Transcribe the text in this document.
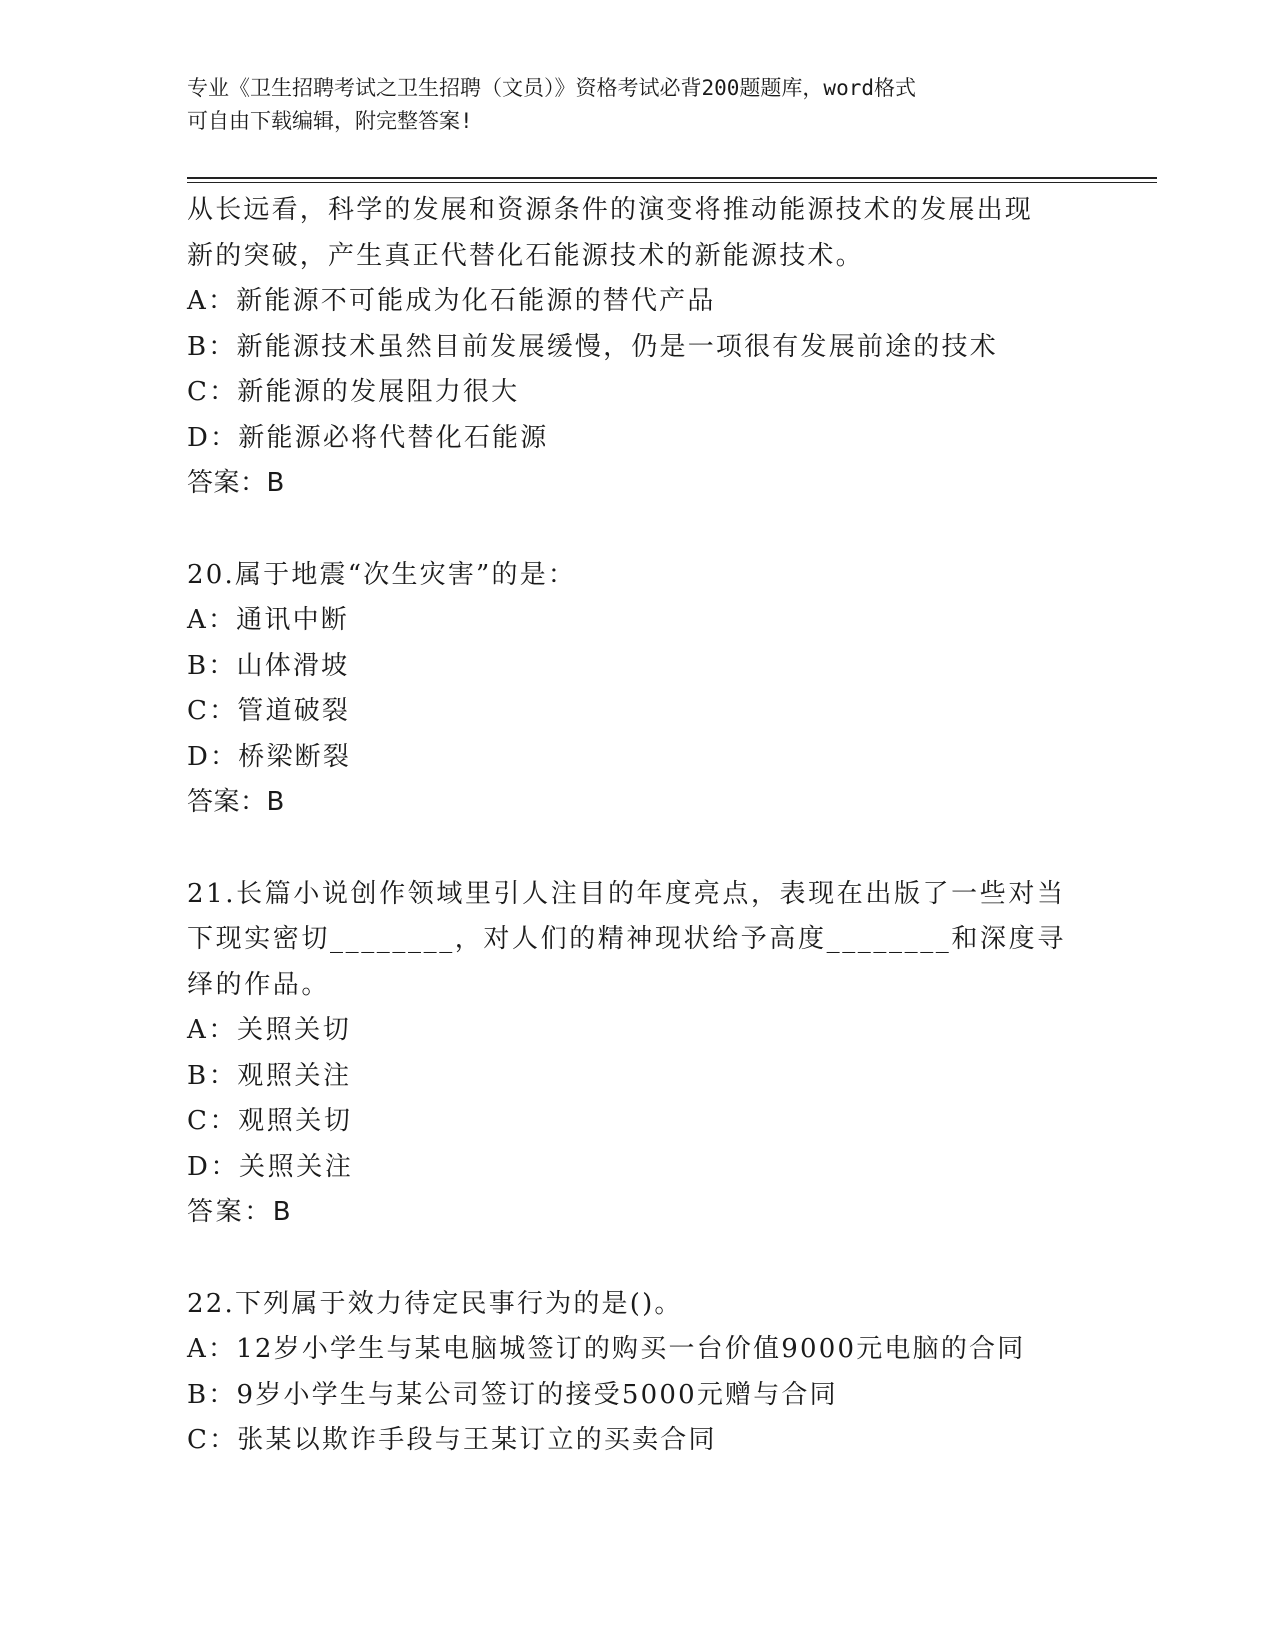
专业《卫生招聘考试之卫生招聘（文员）》资格考试必背200题题库，word格式
可自由下载编辑，附完整答案!
从长远看，科学的发展和资源条件的演变将推动能源技术的发展出现
新的突破，产生真正代替化石能源技术的新能源技术。
A：新能源不可能成为化石能源的替代产品
B：新能源技术虽然目前发展缓慢，仍是一项很有发展前途的技术
C：新能源的发展阻力很大
D：新能源必将代替化石能源
答案：B
20.属于地震“次生灾害”的是：
A：通讯中断
B：山体滑坡
C：管道破裂
D：桥梁断裂
答案：B
21.长篇小说创作领域里引人注目的年度亮点，表现在出版了一些对当
下现实密切________，对人们的精神现状给予高度________和深度寻
绎的作品。
A：关照关切
B：观照关注
C：观照关切
D：关照关注
答案：B
22.下列属于效力待定民事行为的是()。
A：12岁小学生与某电脑城签订的购买一台价值9000元电脑的合同
B：9岁小学生与某公司签订的接受5000元赠与合同
C：张某以欺诈手段与王某订立的买卖合同
